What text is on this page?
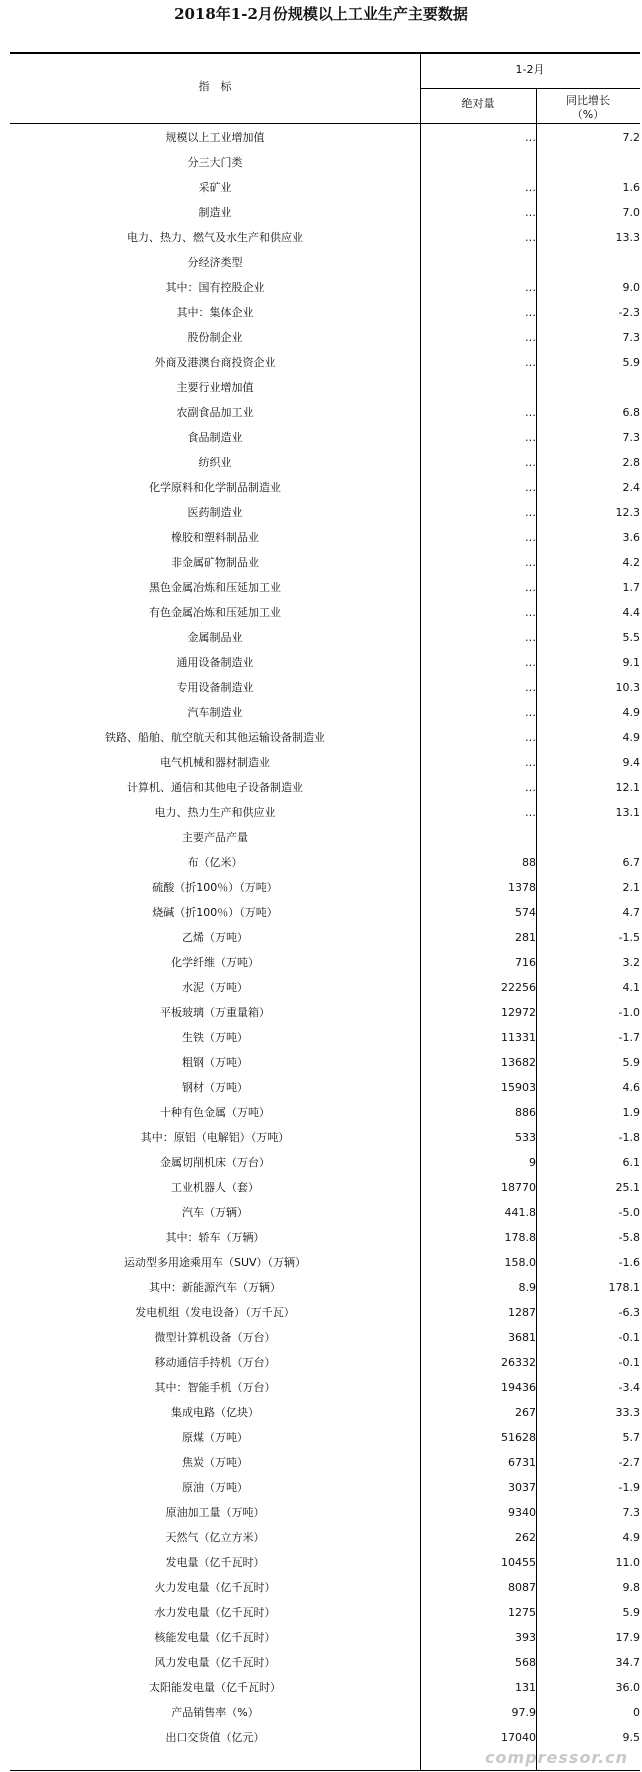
2018年1-2月份规模以上工业生产主要数据
指　标
1-2月
绝对量	同比增长
（%）
规模以上工业增加值	…	7.2
分三大门类
采矿业	…	1.6
制造业	…	7.0
电力、热力、燃气及水生产和供应业	…	13.3
分经济类型
其中：国有控股企业	…	9.0
其中：集体企业	…	-2.3
股份制企业	…	7.3
外商及港澳台商投资企业	…	5.9
主要行业增加值
农副食品加工业	…	6.8
食品制造业	…	7.3
纺织业	…	2.8
化学原料和化学制品制造业	…	2.4
医药制造业	…	12.3
橡胶和塑料制品业	…	3.6
非金属矿物制品业	…	4.2
黑色金属冶炼和压延加工业	…	1.7
有色金属冶炼和压延加工业	…	4.4
金属制品业	…	5.5
通用设备制造业	…	9.1
专用设备制造业	…	10.3
汽车制造业	…	4.9
铁路、船舶、航空航天和其他运输设备制造业	…	4.9
电气机械和器材制造业	…	9.4
计算机、通信和其他电子设备制造业	…	12.1
电力、热力生产和供应业	…	13.1
主要产品产量
布（亿米）	88	6.7
硫酸（折100％）（万吨）	1378	2.1
烧碱（折100％）（万吨）	574	4.7
乙烯（万吨）	281	-1.5
化学纤维（万吨）	716	3.2
水泥（万吨）	22256	4.1
平板玻璃（万重量箱）	12972	-1.0
生铁（万吨）	11331	-1.7
粗钢（万吨）	13682	5.9
钢材（万吨）	15903	4.6
十种有色金属（万吨）	886	1.9
其中：原铝（电解铝）（万吨）	533	-1.8
金属切削机床（万台）	9	6.1
工业机器人（套）	18770	25.1
汽车（万辆）	441.8	-5.0
其中：轿车（万辆）	178.8	-5.8
运动型多用途乘用车（SUV）（万辆）	158.0	-1.6
其中：新能源汽车（万辆）	8.9	178.1
发电机组（发电设备）（万千瓦）	1287	-6.3
微型计算机设备（万台）	3681	-0.1
移动通信手持机（万台）	26332	-0.1
其中：智能手机（万台）	19436	-3.4
集成电路（亿块）	267	33.3
原煤（万吨）	51628	5.7
焦炭（万吨）	6731	-2.7
原油（万吨）	3037	-1.9
原油加工量（万吨）	9340	7.3
天然气（亿立方米）	262	4.9
发电量（亿千瓦时）	10455	11.0
火力发电量（亿千瓦时）	8087	9.8
水力发电量（亿千瓦时）	1275	5.9
核能发电量（亿千瓦时）	393	17.9
风力发电量（亿千瓦时）	568	34.7
太阳能发电量（亿千瓦时）	131	36.0
产品销售率（%）	97.9	0
出口交货值（亿元）	17040	9.5
compressor.cn
